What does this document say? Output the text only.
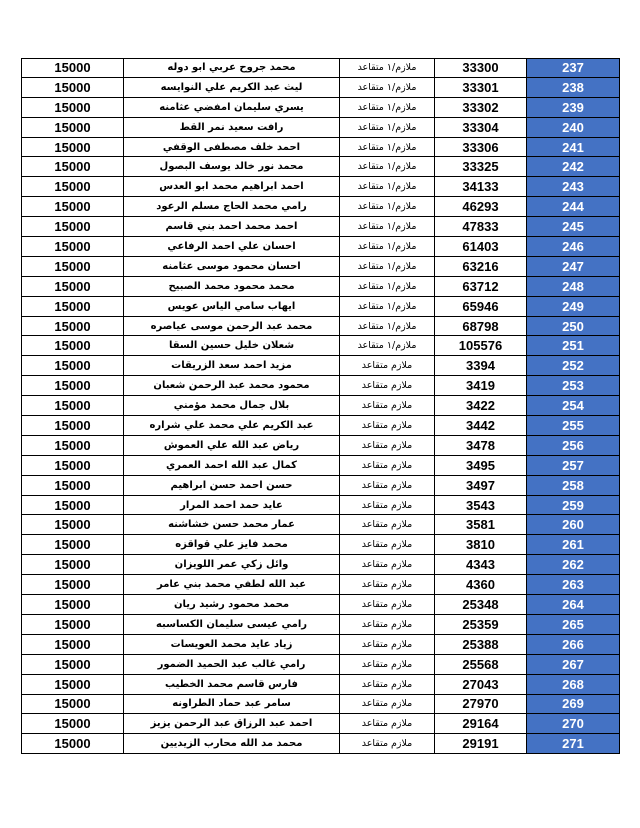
15000	محمد جروح عربي ابو دوله	ملازم/١ متقاعد	33300	237
15000	ليث عبد الكريم علي النوايسه	ملازم/١ متقاعد	33301	238
15000	يسري سليمان امفضي عثامنه	ملازم/١ متقاعد	33302	239
15000	رافت سعيد نمر القط	ملازم/١ متقاعد	33304	240
15000	احمد خلف مصطفى الوقفي	ملازم/١ متقاعد	33306	241
15000	محمد نور خالد يوسف البصول	ملازم/١ متقاعد	33325	242
15000	احمد ابراهيم محمد ابو العدس	ملازم/١ متقاعد	34133	243
15000	رامي محمد الحاج مسلم الرعود	ملازم/١ متقاعد	46293	244
15000	احمد محمد احمد بني قاسم	ملازم/١ متقاعد	47833	245
15000	احسان علي احمد الرفاعي	ملازم/١ متقاعد	61403	246
15000	احسان محمود موسى عثامنه	ملازم/١ متقاعد	63216	247
15000	محمد محمود محمد الصبيح	ملازم/١ متقاعد	63712	248
15000	ايهاب سامي الياس عويس	ملازم/١ متقاعد	65946	249
15000	محمد عبد الرحمن موسى عياصره	ملازم/١ متقاعد	68798	250
15000	شعلان خليل حسين السقا	ملازم/١ متقاعد	105576	251
15000	مزيد احمد سعد الزريقات	ملازم متقاعد	3394	252
15000	محمود محمد عبد الرحمن شعبان	ملازم متقاعد	3419	253
15000	بلال جمال محمد مؤمني	ملازم متقاعد	3422	254
15000	عبد الكريم علي محمد علي شراره	ملازم متقاعد	3442	255
15000	رياض عبد الله علي العموش	ملازم متقاعد	3478	256
15000	كمال عبد الله احمد العمري	ملازم متقاعد	3495	257
15000	حسن احمد حسن ابراهيم	ملازم متقاعد	3497	258
15000	عايد حمد احمد المرار	ملازم متقاعد	3543	259
15000	عمار محمد حسن خشاشنه	ملازم متقاعد	3581	260
15000	محمد فايز علي قواقزه	ملازم متقاعد	3810	261
15000	وائل زكي عمر اللويزان	ملازم متقاعد	4343	262
15000	عبد الله لطفي محمد بني عامر	ملازم متقاعد	4360	263
15000	محمد محمود رشيد ريان	ملازم متقاعد	25348	264
15000	رامي عيسى سليمان الكساسبه	ملازم متقاعد	25359	265
15000	زياد عايد محمد العويسات	ملازم متقاعد	25388	266
15000	رامي غالب عبد الحميد الضمور	ملازم متقاعد	25568	267
15000	فارس قاسم محمد الخطيب	ملازم متقاعد	27043	268
15000	سامر عبد حماد الطراونه	ملازم متقاعد	27970	269
15000	احمد عبد الرزاق عبد الرحمن يزيز	ملازم متقاعد	29164	270
15000	محمد مد الله محارب الزيديين	ملازم متقاعد	29191	271
